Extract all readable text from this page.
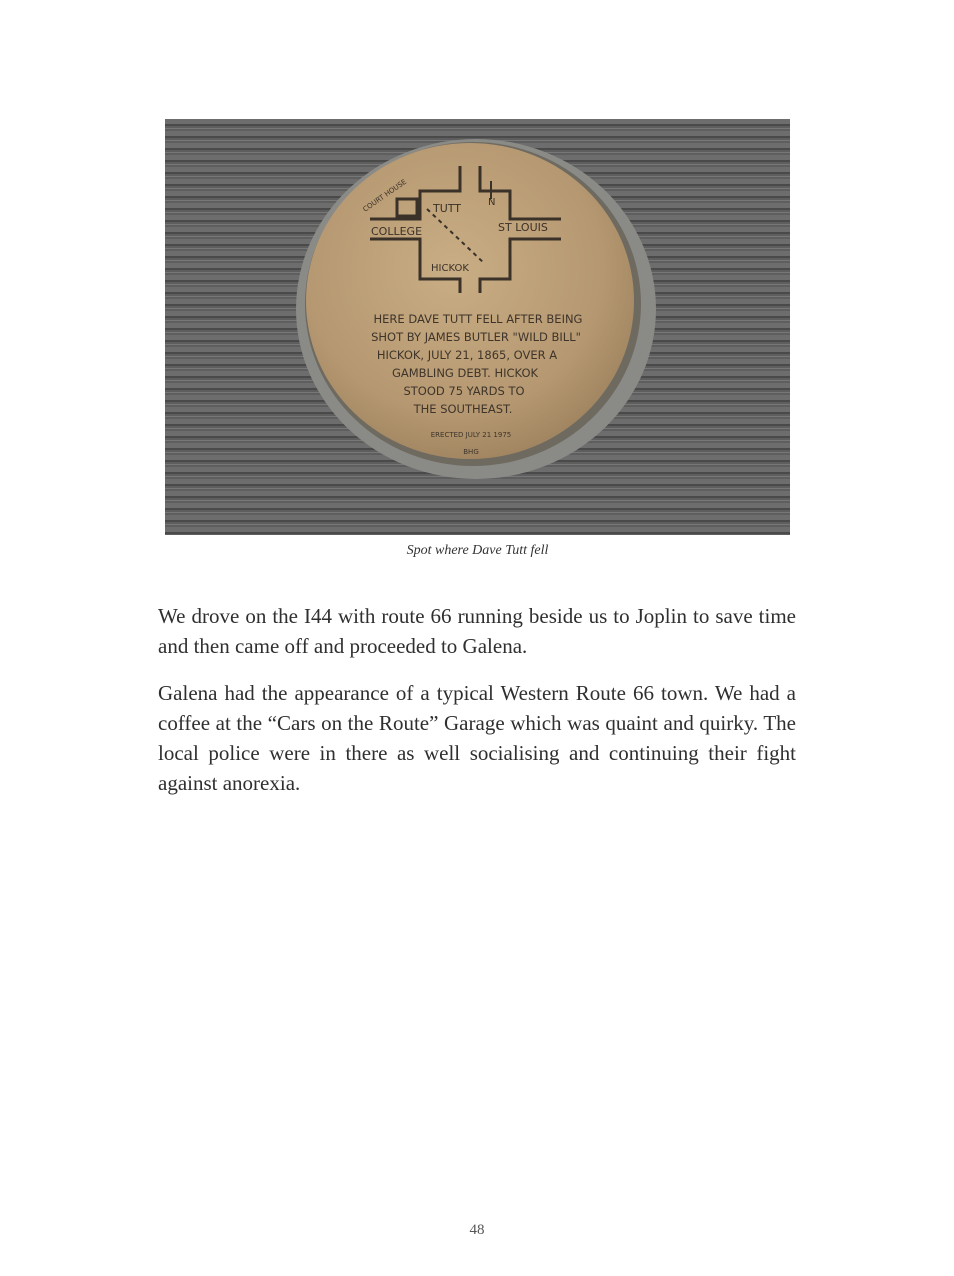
COURT HOUSE TUTT	N
COLLEGE	ST LOUIS
HICKOK
HERE DAVE TUTT FELL AFTER BEING
SHOT BY JAMES BUTLER "WILD BILL"
HICKOK, JULY 21, 1865, OVER A
GAMBLING DEBT. HICKOK
STOOD 75 YARDS TO
THE SOUTHEAST.
ERECTED JULY 21 1975
BHG
Spot where Dave Tutt fell

We drove on the I44 with route 66 running beside us to Joplin to save time and then came off and proceeded to Galena.

Galena had the appearance of a typical Western Route 66 town. We had a coffee at the “Cars on the Route” Garage which was quaint and quirky. The local police were in there as well socialising and continuing their fight against anorexia.

48
